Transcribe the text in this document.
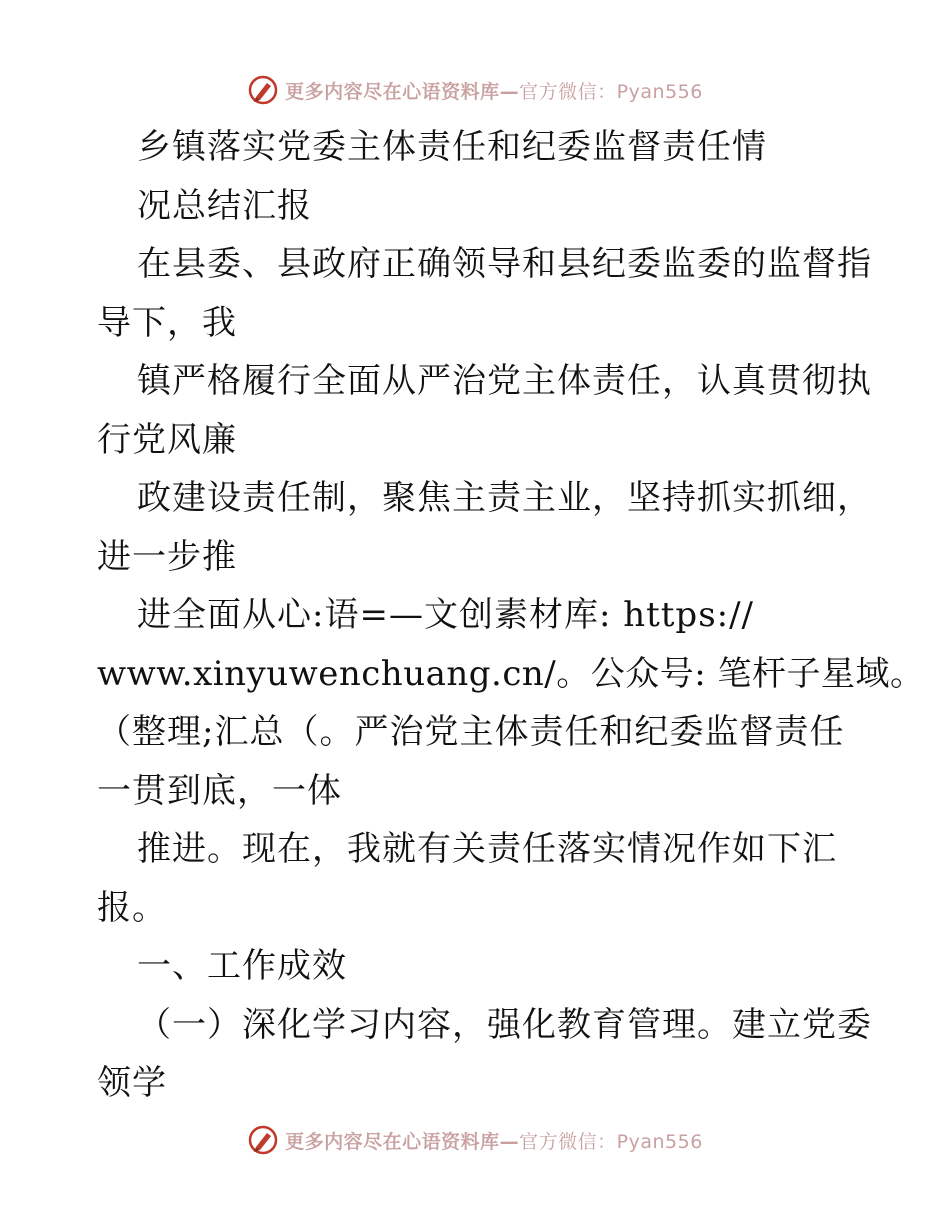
更多内容尽在心语资料库—官方微信：Pyan556
乡镇落实党委主体责任和纪委监督责任情
况总结汇报
在县委、县政府正确领导和县纪委监委的监督指
导下，我
镇严格履行全面从严治党主体责任，认真贯彻执
行党风廉
政建设责任制，聚焦主责主业，坚持抓实抓细，
进一步推
进全面从心:语=—文创素材库: https://
www.xinyuwenchuang.cn/。公众号: 笔杆子星域。
（整理;汇总（。严治党主体责任和纪委监督责任
一贯到底，一体
推进。现在，我就有关责任落实情况作如下汇
报。
一、工作成效
（一）深化学习内容，强化教育管理。建立党委
领学
更多内容尽在心语资料库—官方微信：Pyan556
